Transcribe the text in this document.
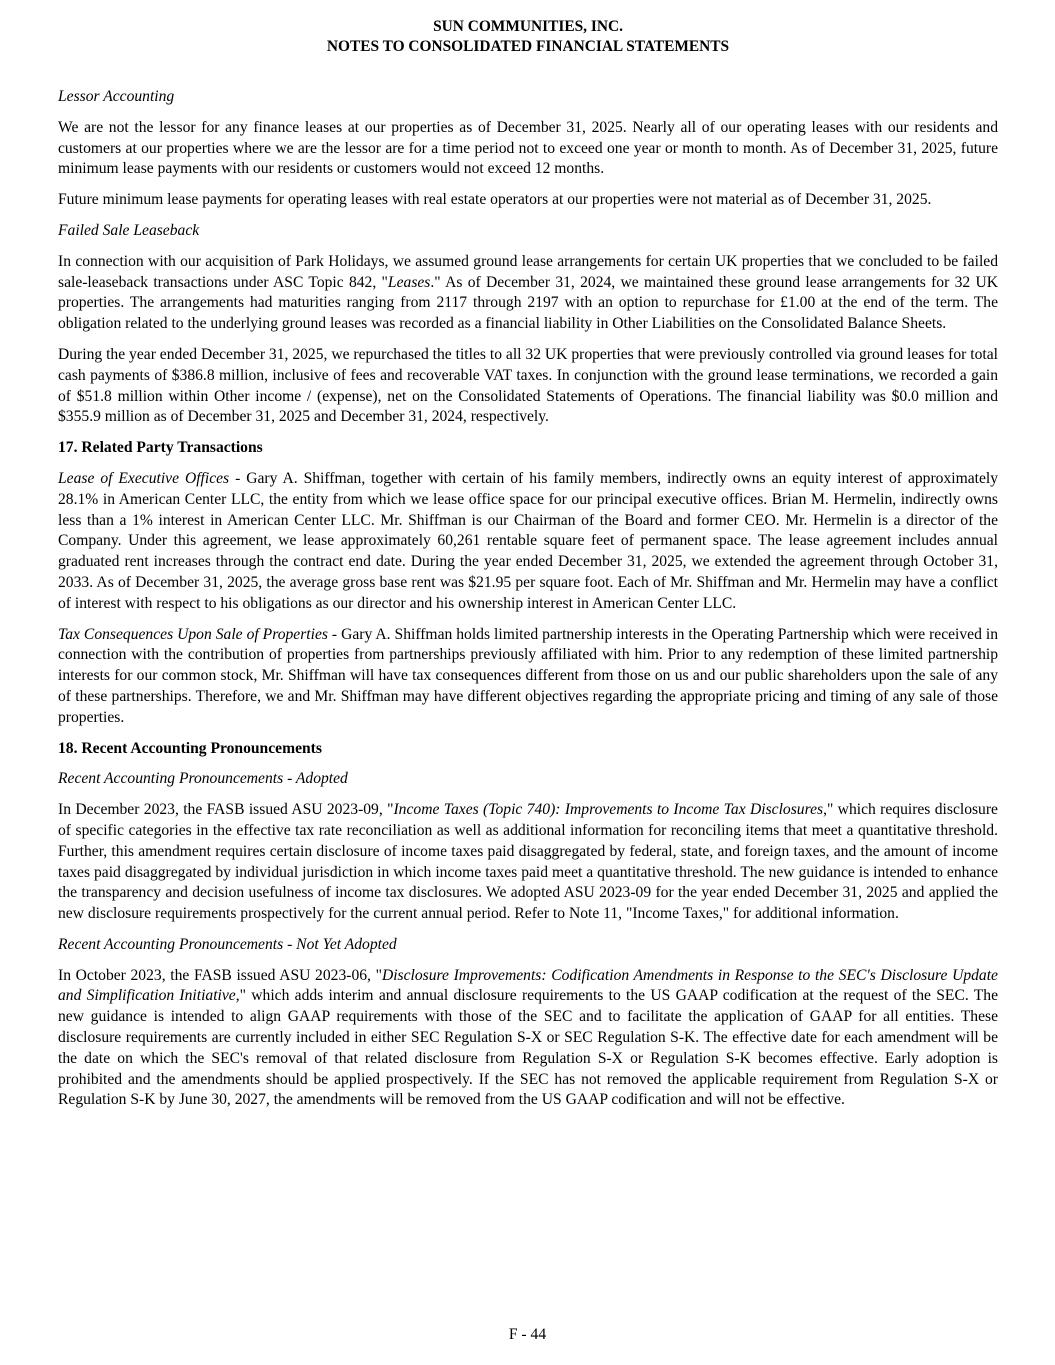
SUN COMMUNITIES, INC.
NOTES TO CONSOLIDATED FINANCIAL STATEMENTS
Lessor Accounting
We are not the lessor for any finance leases at our properties as of December 31, 2025. Nearly all of our operating leases with our residents and customers at our properties where we are the lessor are for a time period not to exceed one year or month to month. As of December 31, 2025, future minimum lease payments with our residents or customers would not exceed 12 months.
Future minimum lease payments for operating leases with real estate operators at our properties were not material as of December 31, 2025.
Failed Sale Leaseback
In connection with our acquisition of Park Holidays, we assumed ground lease arrangements for certain UK properties that we concluded to be failed sale-leaseback transactions under ASC Topic 842, "Leases." As of December 31, 2024, we maintained these ground lease arrangements for 32 UK properties. The arrangements had maturities ranging from 2117 through 2197 with an option to repurchase for £1.00 at the end of the term. The obligation related to the underlying ground leases was recorded as a financial liability in Other Liabilities on the Consolidated Balance Sheets.
During the year ended December 31, 2025, we repurchased the titles to all 32 UK properties that were previously controlled via ground leases for total cash payments of $386.8 million, inclusive of fees and recoverable VAT taxes. In conjunction with the ground lease terminations, we recorded a gain of $51.8 million within Other income / (expense), net on the Consolidated Statements of Operations. The financial liability was $0.0 million and $355.9 million as of December 31, 2025 and December 31, 2024, respectively.
17. Related Party Transactions
Lease of Executive Offices - Gary A. Shiffman, together with certain of his family members, indirectly owns an equity interest of approximately 28.1% in American Center LLC, the entity from which we lease office space for our principal executive offices. Brian M. Hermelin, indirectly owns less than a 1% interest in American Center LLC. Mr. Shiffman is our Chairman of the Board and former CEO. Mr. Hermelin is a director of the Company. Under this agreement, we lease approximately 60,261 rentable square feet of permanent space. The lease agreement includes annual graduated rent increases through the contract end date. During the year ended December 31, 2025, we extended the agreement through October 31, 2033. As of December 31, 2025, the average gross base rent was $21.95 per square foot. Each of Mr. Shiffman and Mr. Hermelin may have a conflict of interest with respect to his obligations as our director and his ownership interest in American Center LLC.
Tax Consequences Upon Sale of Properties - Gary A. Shiffman holds limited partnership interests in the Operating Partnership which were received in connection with the contribution of properties from partnerships previously affiliated with him. Prior to any redemption of these limited partnership interests for our common stock, Mr. Shiffman will have tax consequences different from those on us and our public shareholders upon the sale of any of these partnerships. Therefore, we and Mr. Shiffman may have different objectives regarding the appropriate pricing and timing of any sale of those properties.
18. Recent Accounting Pronouncements
Recent Accounting Pronouncements - Adopted
In December 2023, the FASB issued ASU 2023-09, "Income Taxes (Topic 740): Improvements to Income Tax Disclosures," which requires disclosure of specific categories in the effective tax rate reconciliation as well as additional information for reconciling items that meet a quantitative threshold. Further, this amendment requires certain disclosure of income taxes paid disaggregated by federal, state, and foreign taxes, and the amount of income taxes paid disaggregated by individual jurisdiction in which income taxes paid meet a quantitative threshold. The new guidance is intended to enhance the transparency and decision usefulness of income tax disclosures. We adopted ASU 2023-09 for the year ended December 31, 2025 and applied the new disclosure requirements prospectively for the current annual period. Refer to Note 11, "Income Taxes," for additional information.
Recent Accounting Pronouncements - Not Yet Adopted
In October 2023, the FASB issued ASU 2023-06, "Disclosure Improvements: Codification Amendments in Response to the SEC's Disclosure Update and Simplification Initiative," which adds interim and annual disclosure requirements to the US GAAP codification at the request of the SEC. The new guidance is intended to align GAAP requirements with those of the SEC and to facilitate the application of GAAP for all entities. These disclosure requirements are currently included in either SEC Regulation S-X or SEC Regulation S-K. The effective date for each amendment will be the date on which the SEC's removal of that related disclosure from Regulation S-X or Regulation S-K becomes effective. Early adoption is prohibited and the amendments should be applied prospectively. If the SEC has not removed the applicable requirement from Regulation S-X or Regulation S-K by June 30, 2027, the amendments will be removed from the US GAAP codification and will not be effective.
F - 44
